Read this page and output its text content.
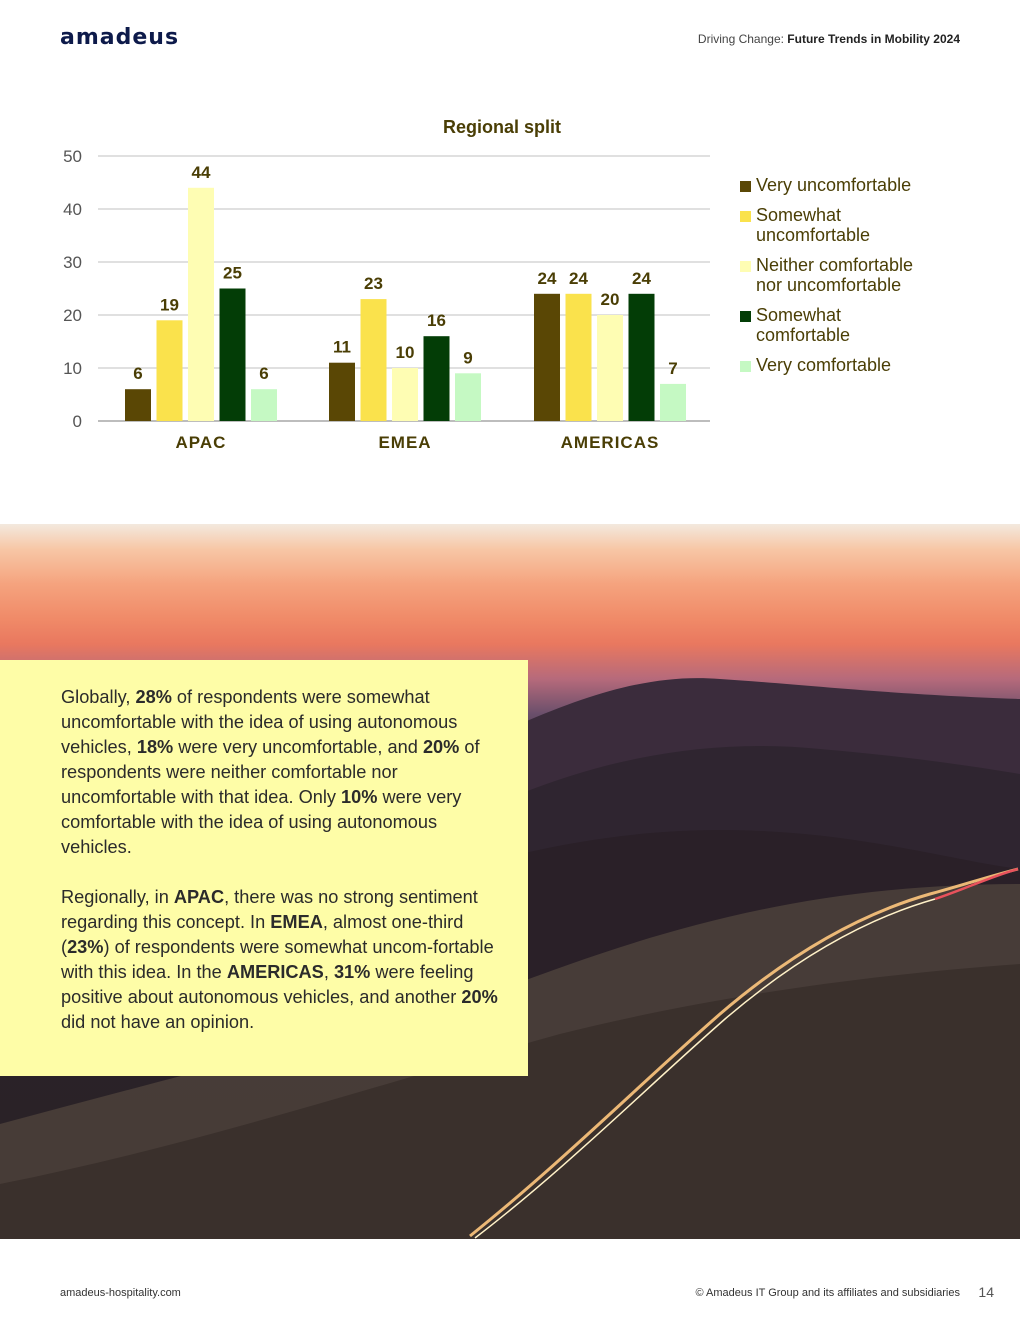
amadeus	Driving Change: Future Trends in Mobility 2024
Regional split
0
10
20
30
40
50
6
19
44
25
6
APAC
11
23
10
16
9
EMEA
24 24
20
24
7
AMERICAS
Very uncomfortable
Somewhat
uncomfortable
Neither comfortable
nor uncomfortable
Somewhat
comfortable
Very comfortable

Globally, 28% of respondents were somewhat uncomfortable with the idea of using autonomous vehicles, 18% were very uncomfortable, and 20% of respondents were neither comfortable nor uncomfortable with that idea. Only 10% were very comfortable with the idea of using autonomous vehicles.

Regionally, in APAC, there was no strong sentiment regarding this concept. In EMEA, almost one-third (23%) of respondents were somewhat uncom-fortable with this idea. In the AMERICAS, 31% were feeling positive about autonomous vehicles, and another 20% did not have an opinion.

amadeus-hospitality.com	© Amadeus IT Group and its affiliates and subsidiaries 14
